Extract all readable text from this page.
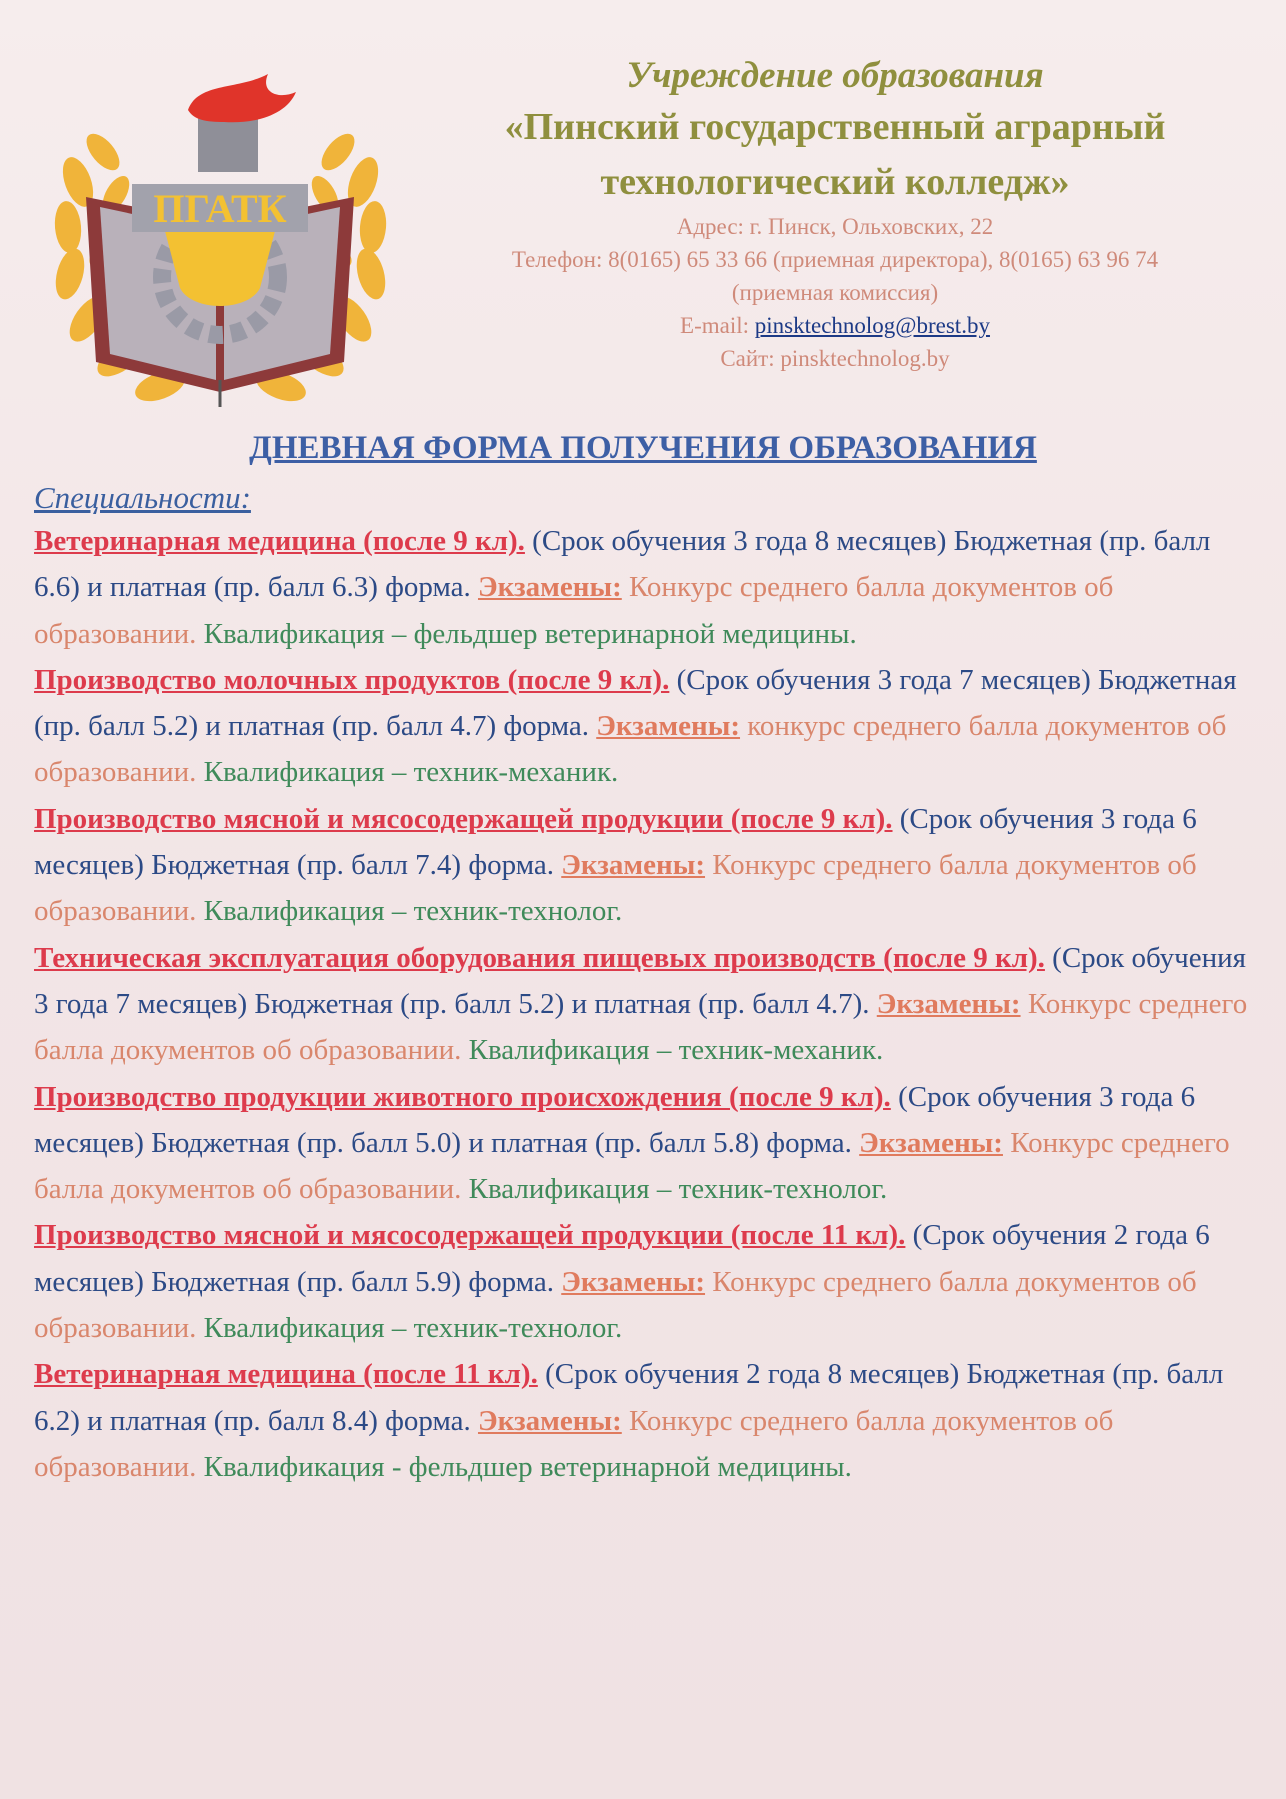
ПГАТК
Учреждение образования
«Пинский государственный аграрный
технологический колледж»
Адрес: г. Пинск, Ольховских, 22
Телефон: 8(0165) 65 33 66 (приемная директора), 8(0165) 63 96 74
(приемная комиссия)
E-mail: pinsktechnolog@brest.by
Сайт: pinsktechnolog.by
ДНЕВНАЯ ФОРМА ПОЛУЧЕНИЯ ОБРАЗОВАНИЯ
Специальности:

Ветеринарная медицина (после 9 кл). (Срок обучения 3 года 8 месяцев) Бюджетная (пр. балл 6.6) и платная (пр. балл 6.3) форма. Экзамены: Конкурс среднего балла документов об образовании. Квалификация – фельдшер ветеринарной медицины.

Производство молочных продуктов (после 9 кл). (Срок обучения 3 года 7 месяцев) Бюджетная (пр. балл 5.2) и платная (пр. балл 4.7) форма. Экзамены: конкурс среднего балла документов об образовании. Квалификация – техник-механик.

Производство мясной и мясосодержащей продукции (после 9 кл). (Срок обучения 3 года 6 месяцев) Бюджетная (пр. балл 7.4) форма. Экзамены: Конкурс среднего балла документов об образовании. Квалификация – техник-технолог.

Техническая эксплуатация оборудования пищевых производств (после 9 кл). (Срок обучения 3 года 7 месяцев) Бюджетная (пр. балл 5.2) и платная (пр. балл 4.7). Экзамены: Конкурс среднего балла документов об образовании. Квалификация – техник-механик.

Производство продукции животного происхождения (после 9 кл). (Срок обучения 3 года 6 месяцев) Бюджетная (пр. балл 5.0) и платная (пр. балл 5.8) форма. Экзамены: Конкурс среднего балла документов об образовании. Квалификация – техник-технолог.

Производство мясной и мясосодержащей продукции (после 11 кл). (Срок обучения 2 года 6 месяцев) Бюджетная (пр. балл 5.9) форма. Экзамены: Конкурс среднего балла документов об образовании. Квалификация – техник-технолог.

Ветеринарная медицина (после 11 кл). (Срок обучения 2 года 8 месяцев) Бюджетная (пр. балл 6.2) и платная (пр. балл 8.4) форма. Экзамены: Конкурс среднего балла документов об образовании. Квалификация - фельдшер ветеринарной медицины.
